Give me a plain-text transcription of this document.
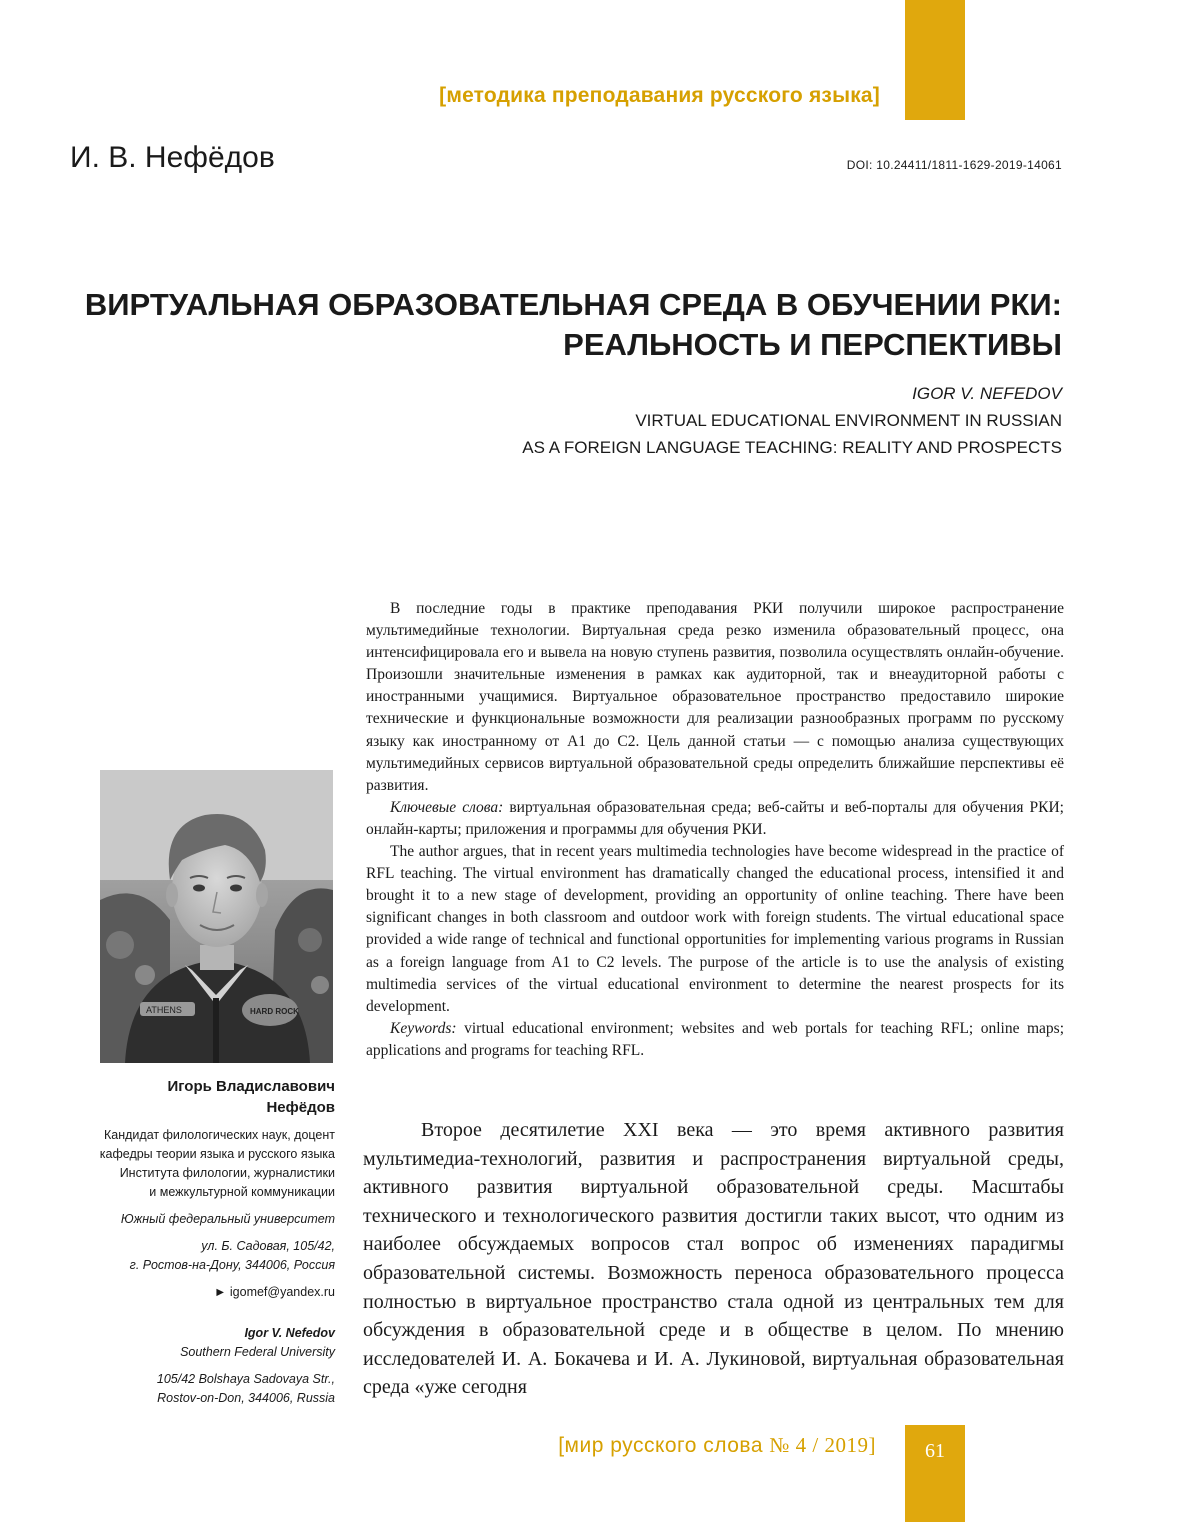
[методика преподавания русского языка]
И. В. Нефёдов	DOI: 10.24411/1811-1629-2019-14061
ВИРТУАЛЬНАЯ ОБРАЗОВАТЕЛЬНАЯ СРЕДА В ОБУЧЕНИИ РКИ:
РЕАЛЬНОСТЬ И ПЕРСПЕКТИВЫ
IGOR V. NEFEDOV
VIRTUAL EDUCATIONAL ENVIRONMENT IN RUSSIAN
AS A FOREIGN LANGUAGE TEACHING: REALITY AND PROSPECTS
ATHENS	HARD ROCK
Игорь Владиславович
Нефёдов
Кандидат филологических наук, доцент
кафедры теории языка и русского языка
Института филологии, журналистики
и межкультурной коммуникации
Южный федеральный университет
ул. Б. Садовая, 105/42,
г. Ростов-на-Дону, 344006, Россия
► igomef@yandex.ru
Igor V. Nefedov
Southern Federal University
105/42 Bolshaya Sadovaya Str.,
Rostov-on-Don, 344006, Russia

В последние годы в практике преподавания РКИ получили широкое распространение мультимедийные технологии. Виртуальная среда резко изменила образовательный процесс, она интенсифицировала его и вывела на новую ступень развития, позволила осуществлять онлайн-обучение. Произошли значительные изменения в рамках как аудиторной, так и внеаудиторной работы с иностранными учащимися. Виртуальное образовательное пространство предоставило широкие технические и функциональные возможности для реализации разнообразных программ по русскому языку как иностранному от А1 до С2. Цель данной статьи — с помощью анализа существующих мультимедийных сервисов виртуальной образовательной среды определить ближайшие перспективы её развития.

Ключевые слова: виртуальная образовательная среда; веб-сайты и веб-порталы для обучения РКИ; онлайн-карты; приложения и программы для обучения РКИ.

The author argues, that in recent years multimedia technologies have become widespread in the practice of RFL teaching. The virtual environment has dramatically changed the educational process, intensified it and brought it to a new stage of development, providing an opportunity of online teaching. There have been significant changes in both classroom and outdoor work with foreign students. The virtual educational space provided a wide range of technical and functional opportunities for implementing various programs in Russian as a foreign language from A1 to C2 levels. The purpose of the article is to use the analysis of existing multimedia services of the virtual educational environment to determine the nearest prospects for its development.

Keywords: virtual educational environment; websites and web portals for teaching RFL; online maps; applications and programs for teaching RFL.

Второе десятилетие XXI века — это время активного развития мультимедиа-технологий, развития и распространения виртуальной среды, активного развития виртуальной образовательной среды. Масштабы технического и технологического развития достигли таких высот, что одним из наиболее обсуждаемых вопросов стал вопрос об изменениях парадигмы образовательной системы. Возможность переноса образовательного процесса полностью в виртуальное пространство стала одной из центральных тем для обсуждения в образовательной среде и в обществе в целом. По мнению исследователей И. А. Бокачева и И. А. Лукиновой, виртуальная образовательная среда «уже сегодня

[мир русского слова № 4 / 2019]	61
